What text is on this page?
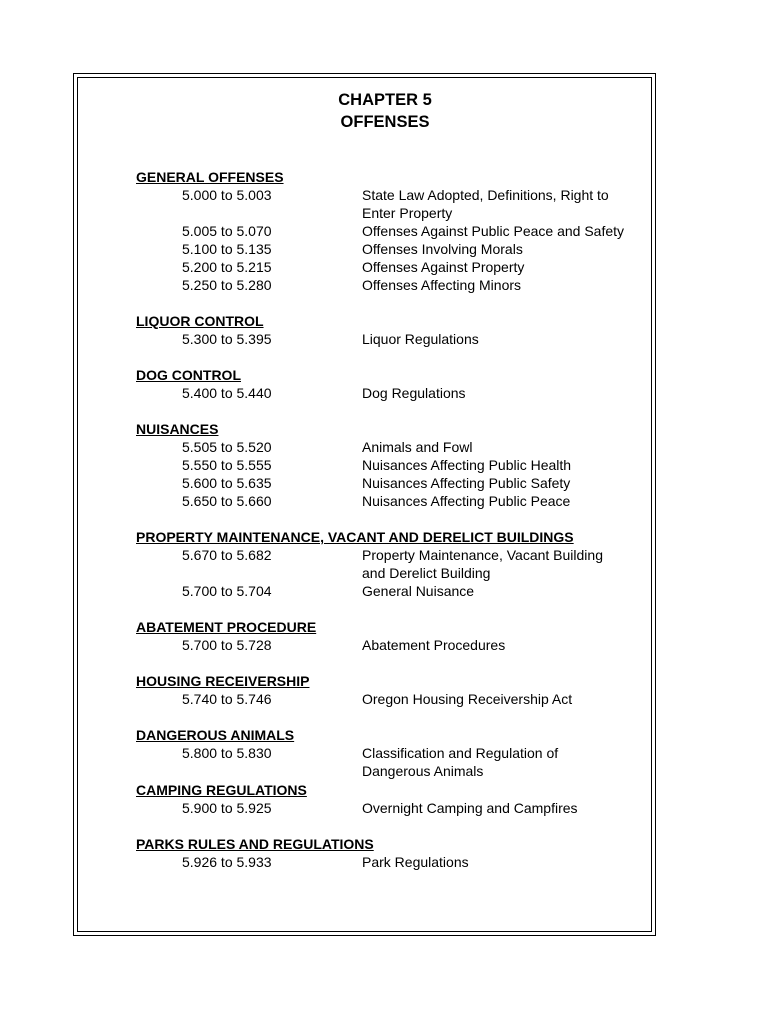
CHAPTER 5
OFFENSES
GENERAL OFFENSES
5.000 to 5.003	State Law Adopted, Definitions, Right to
Enter Property
5.005 to 5.070	Offenses Against Public Peace and Safety
5.100 to 5.135	Offenses Involving Morals
5.200 to 5.215	Offenses Against Property
5.250 to 5.280	Offenses Affecting Minors
LIQUOR CONTROL
5.300 to 5.395	Liquor Regulations
DOG CONTROL
5.400 to 5.440	Dog Regulations
NUISANCES
5.505 to 5.520	Animals and Fowl
5.550 to 5.555	Nuisances Affecting Public Health
5.600 to 5.635	Nuisances Affecting Public Safety
5.650 to 5.660	Nuisances Affecting Public Peace
PROPERTY MAINTENANCE, VACANT AND DERELICT BUILDINGS
5.670 to 5.682	Property Maintenance, Vacant Building
and Derelict Building
5.700 to 5.704	General Nuisance
ABATEMENT PROCEDURE
5.700 to 5.728	Abatement Procedures
HOUSING RECEIVERSHIP
5.740 to 5.746	Oregon Housing Receivership Act
DANGEROUS ANIMALS
5.800 to 5.830	Classification and Regulation of
Dangerous Animals
CAMPING REGULATIONS
5.900 to 5.925	Overnight Camping and Campfires
PARKS RULES AND REGULATIONS
5.926 to 5.933	Park Regulations
